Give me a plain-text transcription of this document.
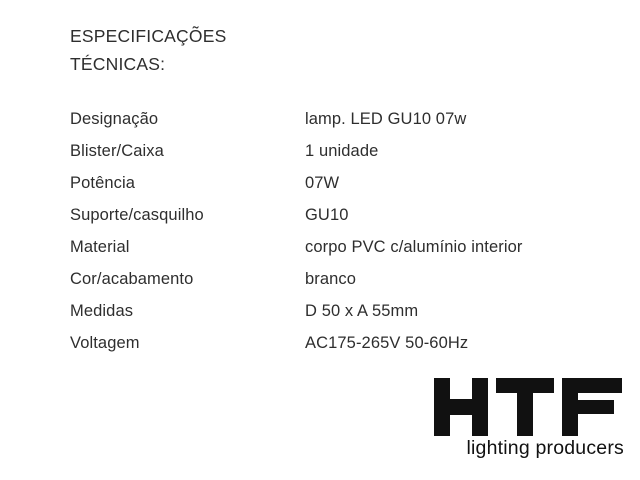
ESPECIFICAÇÕES
TÉCNICAS:
Designação	lamp. LED GU10 07w
Blister/Caixa	1 unidade
Potência	07W
Suporte/casquilho	GU10
Material	corpo PVC c/alumínio interior
Cor/acabamento	branco
Medidas	D 50 x A 55mm
Voltagem	AC175-265V 50-60Hz
lighting producers
